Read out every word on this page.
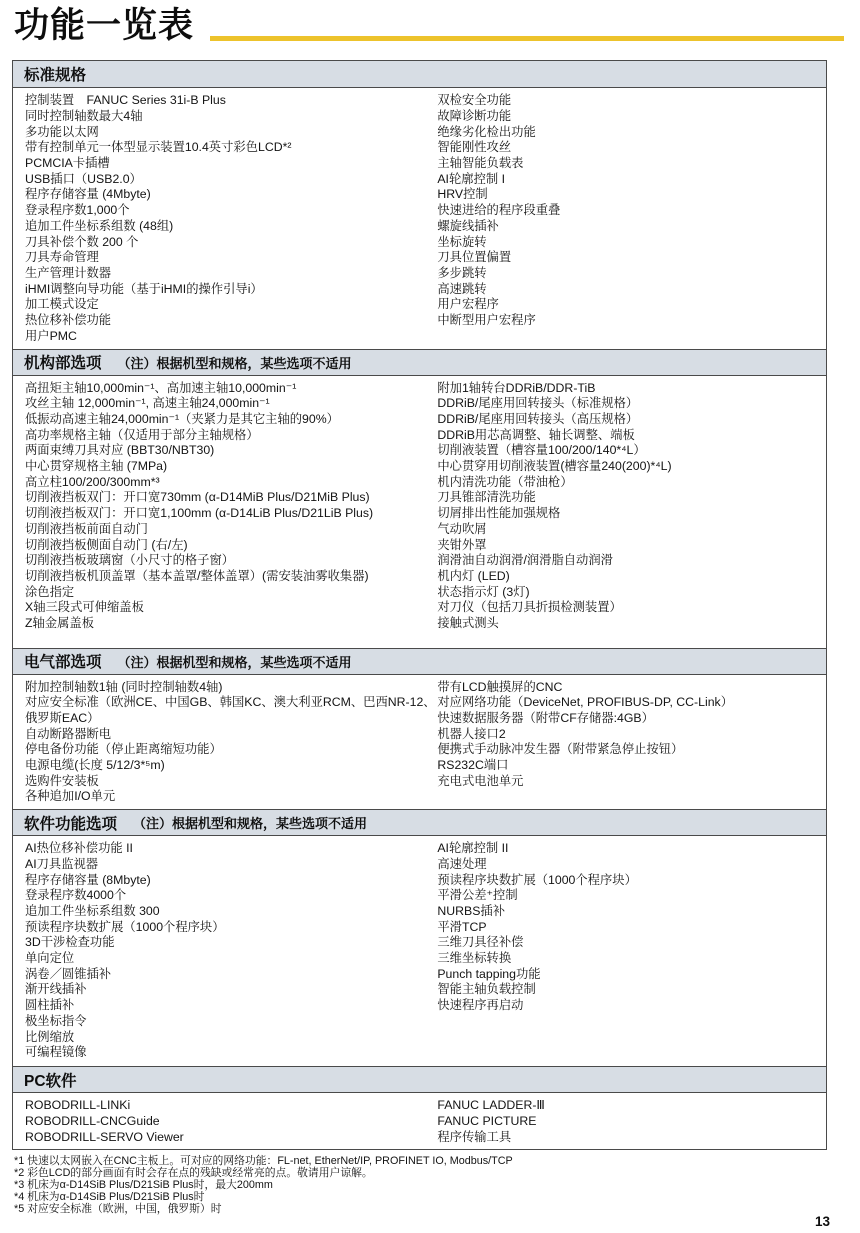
功能一览表
标准规格
控制装置　FANUC Series 31i-B Plus
同时控制轴数最大4轴
多功能以太网
带有控制单元一体型显示装置10.4英寸彩色LCD*²
PCMCIA卡插槽
USB插口（USB2.0）
程序存储容量 (4Mbyte)
登录程序数1,000个
追加工件坐标系组数 (48组)
刀具补偿个数 200 个
刀具寿命管理
生产管理计数器
iHMI调整向导功能（基于iHMI的操作引导i）
加工模式设定
热位移补偿功能
用户PMC
双检安全功能
故障诊断功能
绝缘劣化检出功能
智能刚性攻丝
主轴智能负载表
AI轮廓控制 I
HRV控制
快速进给的程序段重叠
螺旋线插补
坐标旋转
刀具位置偏置
多步跳转
高速跳转
用户宏程序
中断型用户宏程序
机构部选项 （注）根据机型和规格，某些选项不适用
高扭矩主轴10,000min⁻¹、高加速主轴10,000min⁻¹
攻丝主轴 12,000min⁻¹, 高速主轴24,000min⁻¹
低振动高速主轴24,000min⁻¹（夹紧力是其它主轴的90%）
高功率规格主轴（仅适用于部分主轴规格）
两面束缚刀具对应 (BBT30/NBT30)
中心贯穿规格主轴 (7MPa)
高立柱100/200/300mm*³
切削液挡板双门：开口宽730mm (α-D14MiB Plus/D21MiB Plus)
切削液挡板双门：开口宽1,100mm (α-D14LiB Plus/D21LiB Plus)
切削液挡板前面自动门
切削液挡板侧面自动门 (右/左)
切削液挡板玻璃窗（小尺寸的格子窗）
切削液挡板机顶盖罩（基本盖罩/整体盖罩）(需安装油雾收集器)
涂色指定
X轴三段式可伸缩盖板
Z轴金属盖板
附加1轴转台DDRiB/DDR-TiB
DDRiB/尾座用回转接头（标准规格）
DDRiB/尾座用回转接头（高压规格）
DDRiB用芯高调整、轴长调整、端板
切削液装置（槽容量100/200/140*⁴L）
中心贯穿用切削液装置(槽容量240(200)*⁴L)
机内清洗功能（带油枪）
刀具锥部清洗功能
切屑排出性能加强规格
气动吹屑
夹钳外罩
润滑油自动润滑/润滑脂自动润滑
机内灯 (LED)
状态指示灯 (3灯)
对刀仪（包括刀具折损检测装置）
接触式测头
电气部选项 （注）根据机型和规格，某些选项不适用
附加控制轴数1轴 (同时控制轴数4轴)
对应安全标准（欧洲CE、中国GB、韩国KC、澳大利亚RCM、巴西NR-12、俄罗斯EAC）
自动断路器断电
停电备份功能（停止距离缩短功能）
电源电缆(长度 5/12/3*⁵m)
选购件安装板
各种追加I/O单元
带有LCD触摸屏的CNC
对应网络功能（DeviceNet, PROFIBUS-DP, CC-Link）
快速数据服务器（附带CF存储器:4GB）
机器人接口2
便携式手动脉冲发生器（附带紧急停止按钮）
RS232C端口
充电式电池单元
软件功能选项 （注）根据机型和规格，某些选项不适用
AI热位移补偿功能 II
AI刀具监视器
程序存储容量 (8Mbyte)
登录程序数4000个
追加工件坐标系组数 300
预读程序块数扩展（1000个程序块）
3D干涉检查功能
单向定位
涡卷／圆锥插补
渐开线插补
圆柱插补
极坐标指令
比例缩放
可编程镜像
AI轮廓控制 II
高速处理
预读程序块数扩展（1000个程序块）
平滑公差⁺控制
NURBS插补
平滑TCP
三维刀具径补偿
三维坐标转换
Punch tapping功能
智能主轴负载控制
快速程序再启动
PC软件
ROBODRILL-LINKi
ROBODRILL-CNCGuide
ROBODRILL-SERVO Viewer
FANUC LADDER-Ⅲ
FANUC PICTURE
程序传输工具
*1 快速以太网嵌入在CNC主板上。可对应的网络功能：FL-net, EtherNet/IP, PROFINET IO, Modbus/TCP
*2 彩色LCD的部分画面有时会存在点的残缺或经常亮的点。敬请用户谅解。
*3 机床为α-D14SiB Plus/D21SiB Plus时，最大200mm
*4 机床为α-D14SiB Plus/D21SiB Plus时
*5 对应安全标准（欧洲，中国，俄罗斯）时
13
